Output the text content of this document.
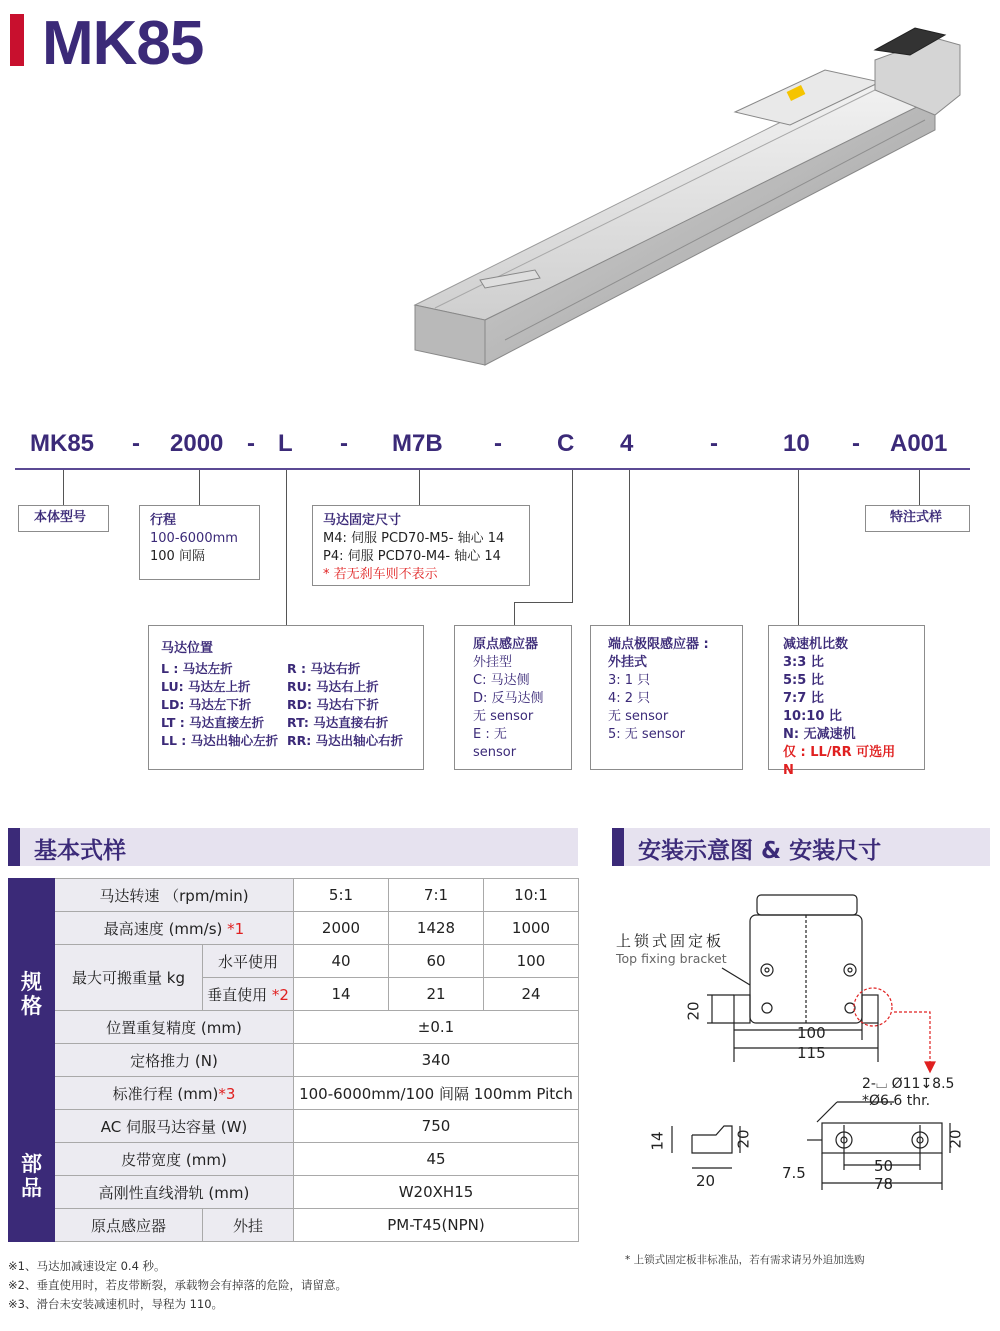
MK85
MK85 - 2000 - L - M7B - C 4	-	10 - A001
本体型号	行程
100-6000mm
100 间隔
马达固定尺寸
M4: 伺服 PCD70-M5- 轴心 14
P4: 伺服 PCD70-M4- 轴心 14
* 若无刹车则不表示
特注式样
马达位置
L : 马达左折
LU: 马达左上折
LD: 马达左下折
LT : 马达直接左折
LL : 马达出轴心左折
R : 马达右折
RU: 马达右上折
RD: 马达右下折
RT: 马达直接右折
RR: 马达出轴心右折
原点感应器
外挂型
C: 马达侧
D: 反马达侧
无 sensor
E : 无 sensor
端点极限感应器 :
外挂式
3: 1 只
4: 2 只
无 sensor
5: 无 sensor
减速机比数
3:3 比
5:5 比
7:7 比
10:10 比
N: 无减速机
仅 : LL/RR 可选用 N
基本式样	安装示意图 & 安装尺寸
规
格	马达转速 （rpm/min)		5:1	7:1	10:1
	最高速度 (mm/s) *1		2000	1428	1000
	最大可搬重量 kg	水平使用	40	60	100
		垂直使用 *2	14	21	24
	位置重复精度 (mm)		±0.1		
	定格推力 (N)		340		
	标准行程 (mm)*3		100-6000mm/100 间隔 100mm Pitch		
部
品	AC 伺服马达容量 (W)		750		
	皮带宽度 (mm)		45		
	高刚性直线滑轨 (mm)		W20XH15		
	原点感应器	外挂	PM-T45(NPN)		
※1、马达加减速设定 0.4 秒。
※2、垂直使用时，若皮带断裂，承载物会有掉落的危险，请留意。
※3、滑台未安装减速机时，导程为 110。
* 上锁式固定板非标准品，若有需求请另外追加选购
上锁式固定板
Top fixing bracket
20
100
115
2-⌴ Ø11↧8.5
*Ø6.6 thr.
14	20
20
20
7.5	50
78
